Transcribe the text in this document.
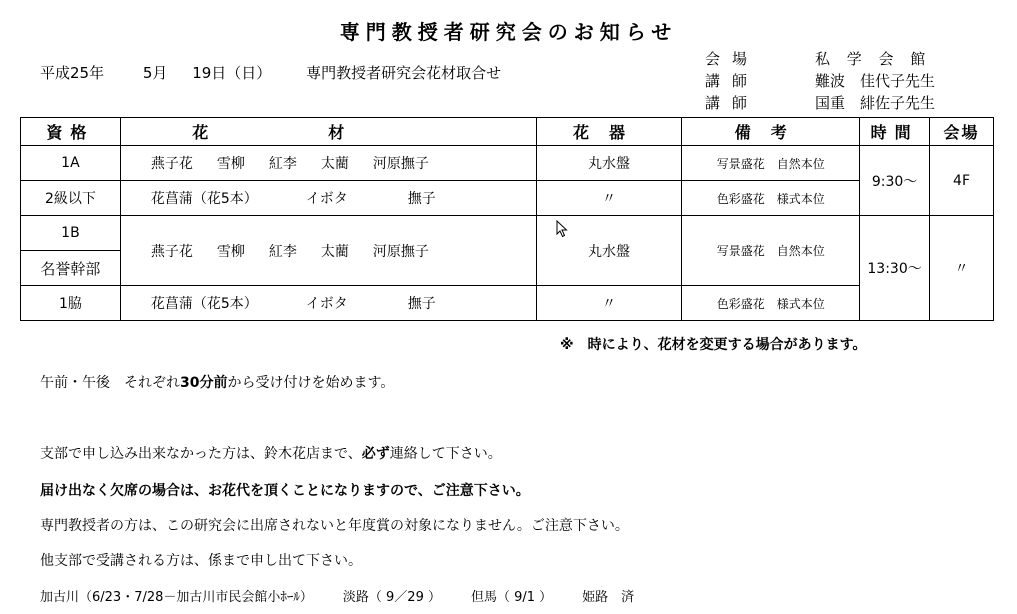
専門教授者研究会のお知らせ
平成25年	5月 19日（日） 専門教授者研究会花材取合せ
会場	私 学 会 館
講師	難波　佳代子先生
講師	国重　緋佐子先生
資格	花材	花器	備考	時間	会場
1A	燕子花 雪柳 紅李 太藺 河原撫子	丸水盤	写景盛花　自然本位	9:30～	4F
2級以下	花菖蒲（花5本） イボタ 撫子	〃	色彩盛花　様式本位		
1B	燕子花 雪柳 紅李 太藺 河原撫子	丸水盤	写景盛花　自然本位	13:30～	〃
名誉幹部					
1脇	花菖蒲（花5本） イボタ 撫子	〃	色彩盛花　様式本位		
※　時により、花材を変更する場合があります。
午前・午後　それぞれ30分前から受け付けを始めます。
支部で申し込み出来なかった方は、鈴木花店まで、必ず連絡して下さい。
届け出なく欠席の場合は、お花代を頂くことになりますので、ご注意下さい。
専門教授者の方は、この研究会に出席されないと年度賞の対象になりません。ご注意下さい。
他支部で受講される方は、係まで申し出て下さい。
加古川（6/23・7/28－加古川市民会館小ﾎｰﾙ） 淡路（ 9／29 ） 但馬（ 9/1 ） 姫路　済
